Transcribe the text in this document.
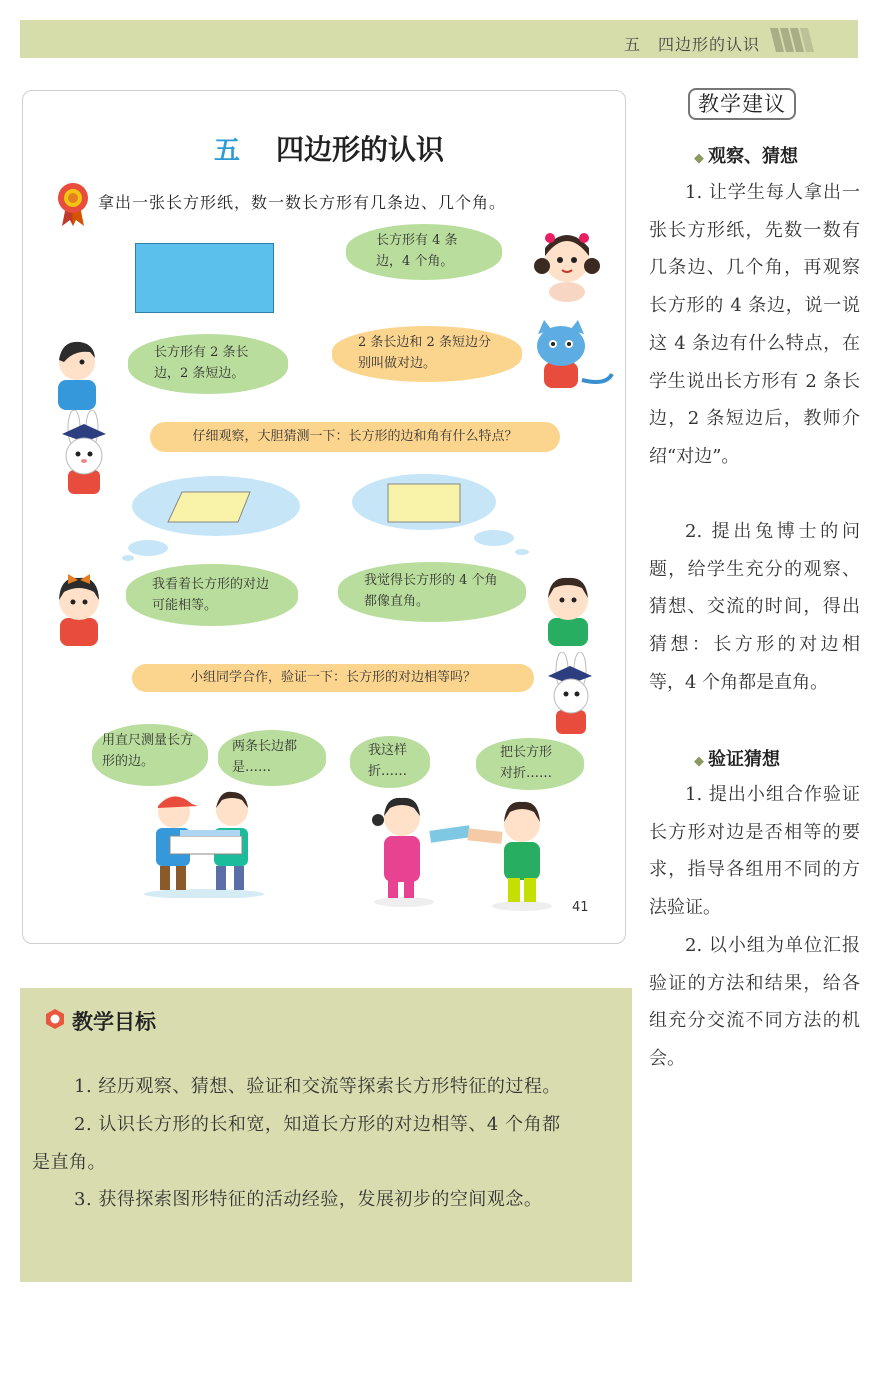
五　四边形的认识
五 四边形的认识
拿出一张长方形纸，数一数长方形有几条边、几个角。
长方形有 4 条边，4 个角。
长方形有 2 条长边，2 条短边。
2 条长边和 2 条短边分别叫做对边。
仔细观察，大胆猜测一下：长方形的边和角有什么特点？
我看着长方形的对边可能相等。
我觉得长方形的 4 个角都像直角。
小组同学合作，验证一下：长方形的对边相等吗？
用直尺测量长方形的边。
两条长边都是……
我这样折……
把长方形对折……
41
教学目标
1. 经历观察、猜想、验证和交流等探索长方形特征的过程。
2. 认识长方形的长和宽，知道长方形的对边相等、4 个角都
是直角。
3. 获得探索图形特征的活动经验，发展初步的空间观念。
教学建议
◆ 观察、猜想
1. 让学生每人拿出一张长方形纸，先数一数有几条边、几个角，再观察长方形的 4 条边，说一说这 4 条边有什么特点，在学生说出长方形有 2 条长边，2 条短边后，教师介绍“对边”。
2. 提出兔博士的问题，给学生充分的观察、猜想、交流的时间，得出猜想：长方形的对边相等，4 个角都是直角。
◆ 验证猜想
1. 提出小组合作验证长方形对边是否相等的要求，指导各组用不同的方法验证。
2. 以小组为单位汇报验证的方法和结果，给各组充分交流不同方法的机会。
